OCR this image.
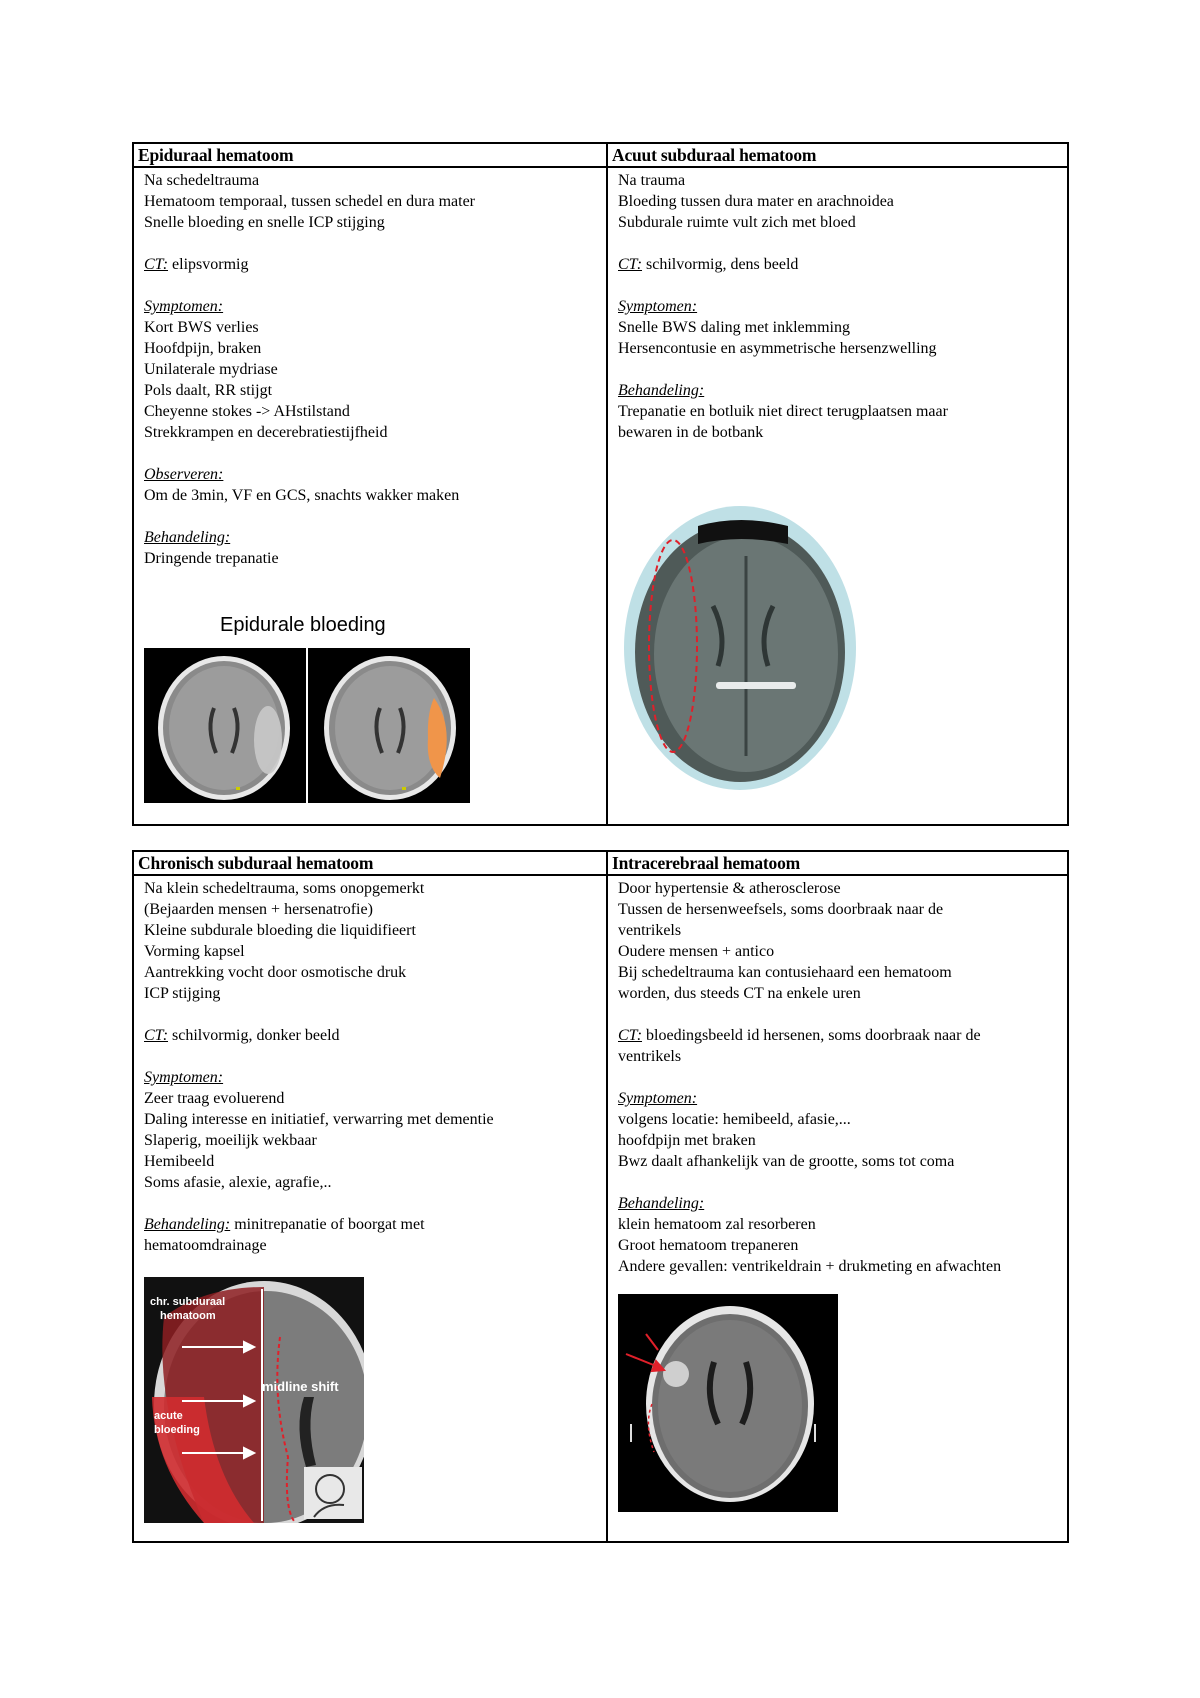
Epiduraal hematoom
Na schedeltrauma
Hematoom temporaal, tussen schedel en dura mater
Snelle bloeding en snelle ICP stijging
CT: elipsvormig
Symptomen:
Kort BWS verlies
Hoofdpijn, braken
Unilaterale mydriase
Pols daalt, RR stijgt
Cheyenne stokes -> AHstilstand
Strekkrampen en decerebratiestijfheid
Observeren:
Om de 3min, VF en GCS, snachts wakker maken
Behandeling:
Dringende trepanatie
Epidurale bloeding
Acuut subduraal hematoom
Na trauma
Bloeding tussen dura mater en arachnoidea
Subdurale ruimte vult zich met bloed
CT: schilvormig, dens beeld
Symptomen:
Snelle BWS daling met inklemming
Hersencontusie en asymmetrische hersenzwelling
Behandeling:
Trepanatie en botluik niet direct terugplaatsen maar
bewaren in de botbank
Chronisch subduraal hematoom
Na klein schedeltrauma, soms onopgemerkt
(Bejaarden mensen + hersenatrofie)
Kleine subdurale bloeding die liquidifieert
Vorming kapsel
Aantrekking vocht door osmotische druk
ICP stijging
CT: schilvormig, donker beeld
Symptomen:
Zeer traag evoluerend
Daling interesse en initiatief, verwarring met dementie
Slaperig, moeilijk wekbaar
Hemibeeld
Soms afasie, alexie, agrafie,..
Behandeling: minitrepanatie of boorgat met
hematoomdrainage
chr. subduraal
hematoom
midline shift
acute
bloeding
Intracerebraal hematoom
Door hypertensie & atherosclerose
Tussen de hersenweefsels, soms doorbraak naar de
ventrikels
Oudere mensen + antico
Bij schedeltrauma kan contusiehaard een hematoom
worden, dus steeds CT na enkele uren
CT: bloedingsbeeld id hersenen, soms doorbraak naar de
ventrikels
Symptomen:
volgens locatie: hemibeeld, afasie,...
hoofdpijn met braken
Bwz daalt afhankelijk van de grootte, soms tot coma
Behandeling:
klein hematoom zal resorberen
Groot hematoom trepaneren
Andere gevallen: ventrikeldrain + drukmeting en afwachten
